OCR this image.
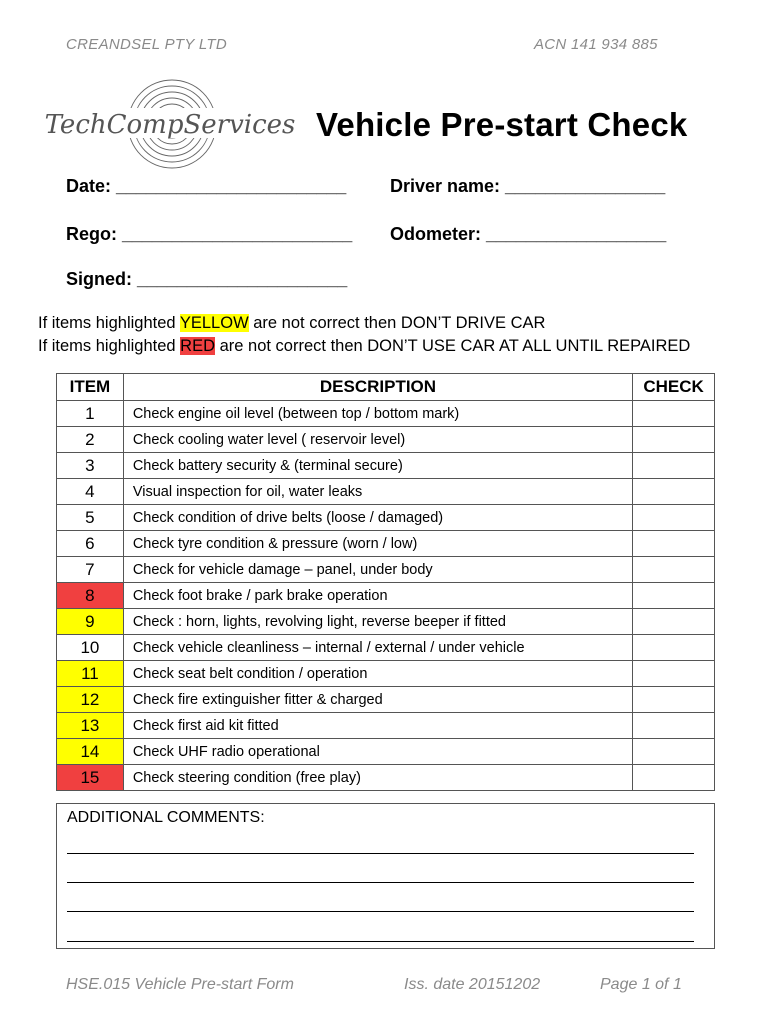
CREANDSEL PTY LTD	ACN 141 934 885
TechCompServices Vehicle Pre-start Check
Date: _______________________ Driver name: ________________
Rego: _______________________ Odometer: __________________
Signed: _____________________
If items highlighted YELLOW are not correct then DON’T DRIVE CAR
If items highlighted RED are not correct then DON’T USE CAR AT ALL UNTIL REPAIRED
ITEM	DESCRIPTION	CHECK
1	Check engine oil level (between top / bottom mark)	
2	Check cooling water level ( reservoir level)	
3	Check battery security & (terminal secure)	
4	Visual inspection for oil, water leaks	
5	Check condition of drive belts (loose / damaged)	
6	Check tyre condition & pressure (worn / low)	
7	Check for vehicle damage – panel, under body	
8	Check foot brake / park brake operation	
9	Check : horn, lights, revolving light, reverse beeper if fitted	
10	Check vehicle cleanliness – internal / external / under vehicle	
11	Check seat belt condition / operation	
12	Check fire extinguisher fitter & charged	
13	Check first aid kit fitted	
14	Check UHF radio operational	
15	Check steering condition (free play)	
ADDITIONAL COMMENTS:
HSE.015 Vehicle Pre-start Form	Iss. date 20151202	Page 1 of 1
